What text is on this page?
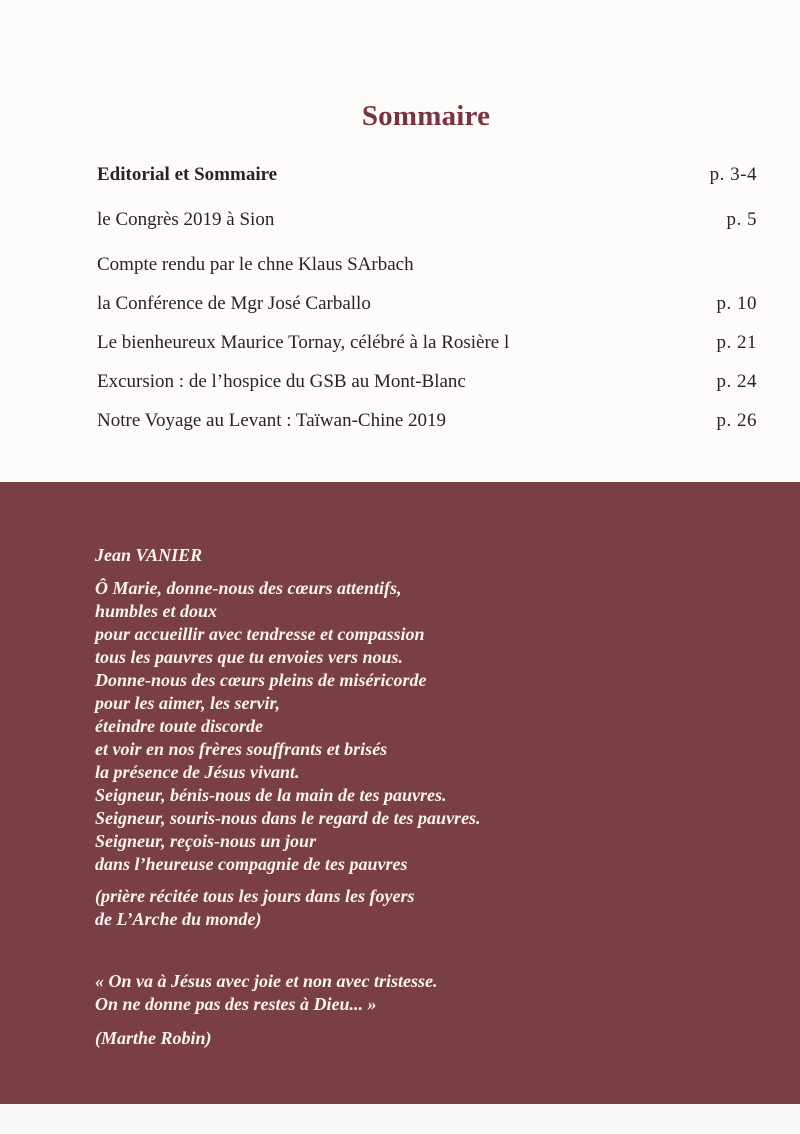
Sommaire
Editorial et Sommaire	p. 3-4
le Congrès 2019 à Sion	p. 5
Compte rendu par le chne Klaus SArbach
la Conférence de Mgr José Carballo	p. 10
Le bienheureux Maurice Tornay, célébré à la Rosière l	p. 21
Excursion : de l’hospice du GSB au Mont-Blanc	p. 24
Notre Voyage au Levant : Taïwan-Chine 2019	p. 26
Jean VANIER
Ô Marie, donne-nous des cœurs attentifs,
humbles et doux
pour accueillir avec tendresse et compassion
tous les pauvres que tu envoies vers nous.
Donne-nous des cœurs pleins de miséricorde
pour les aimer, les servir,
éteindre toute discorde
et voir en nos frères souffrants et brisés
la présence de Jésus vivant.
Seigneur, bénis-nous de la main de tes pauvres.
Seigneur, souris-nous dans le regard de tes pauvres.
Seigneur, reçois-nous un jour
dans l’heureuse compagnie de tes pauvres
(prière récitée tous les jours dans les foyers
de L’Arche du monde)
« On va à Jésus avec joie et non avec tristesse.
On ne donne pas des restes à Dieu... »
(Marthe Robin)
